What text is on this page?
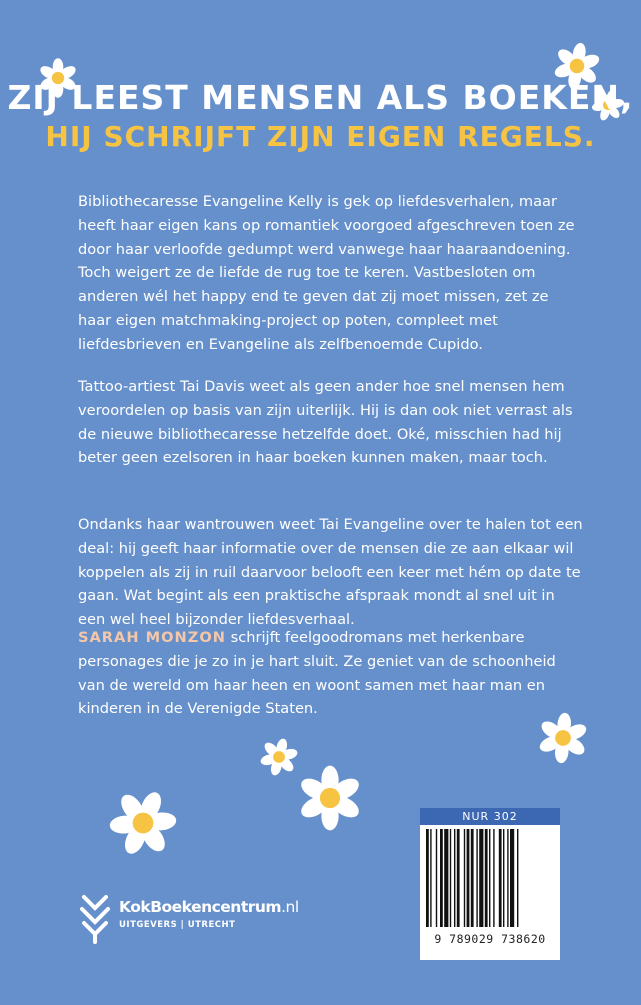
ZIJ LEEST MENSEN ALS BOEKEN,
HIJ SCHRIJFT ZIJN EIGEN REGELS.

Bibliothecaresse Evangeline Kelly is gek op liefdesverhalen, maar heeft haar eigen kans op romantiek voorgoed afgeschreven toen ze door haar verloofde gedumpt werd vanwege haar haaraandoening. Toch weigert ze de liefde de rug toe te keren. Vastbesloten om anderen wél het happy end te geven dat zij moet missen, zet ze haar eigen matchmaking-project op poten, compleet met liefdesbrieven en Evangeline als zelfbenoemde Cupido.

Tattoo-artiest Tai Davis weet als geen ander hoe snel mensen hem veroordelen op basis van zijn uiterlijk. Hij is dan ook niet verrast als de nieuwe bibliothecaresse hetzelfde doet. Oké, misschien had hij beter geen ezelsoren in haar boeken kunnen maken, maar toch.

Ondanks haar wantrouwen weet Tai Evangeline over te halen tot een deal: hij geeft haar informatie over de mensen die ze aan elkaar wil koppelen als zij in ruil daarvoor belooft een keer met hém op date te gaan. Wat begint als een praktische afspraak mondt al snel uit in een wel heel bijzonder liefdesverhaal.

SARAH MONZON schrijft feelgoodromans met herkenbare personages die je zo in je hart sluit. Ze geniet van de schoonheid van de wereld om haar heen en woont samen met haar man en kinderen in de Verenigde Staten.

NUR 302
9 789029 738620
KokBoekencentrum.nl
UITGEVERS | UTRECHT
